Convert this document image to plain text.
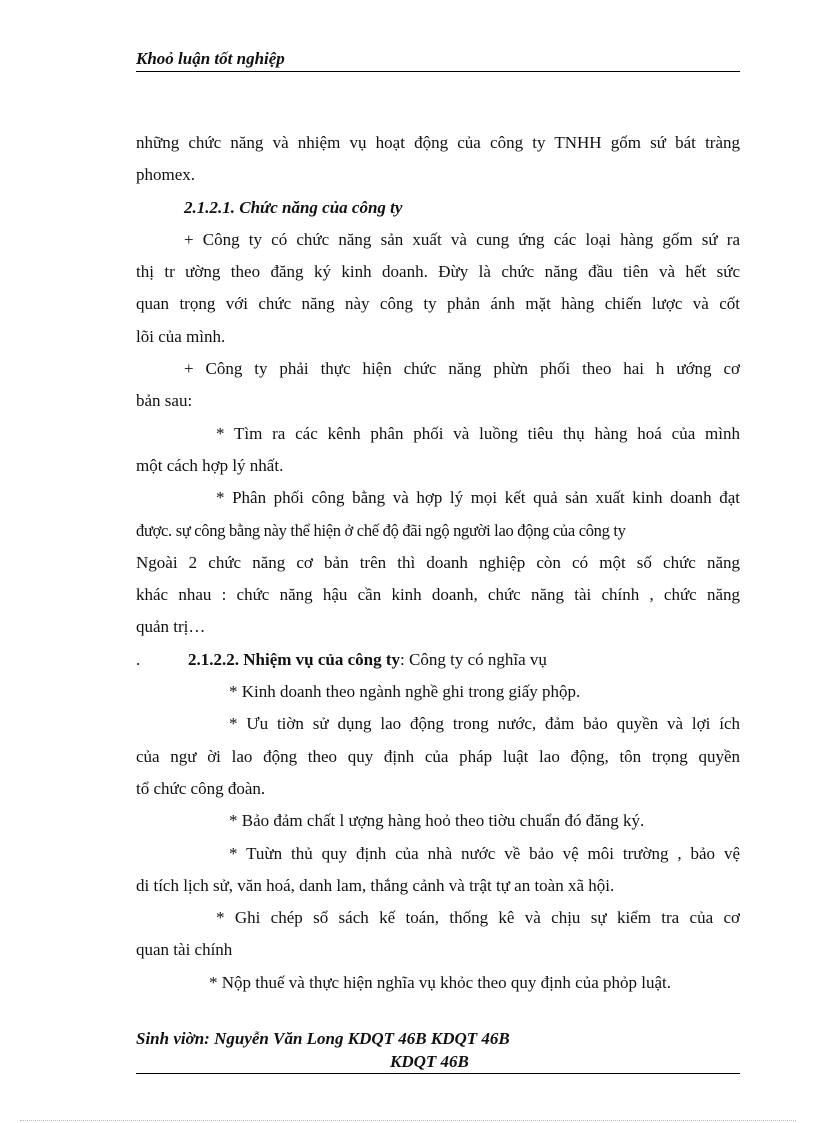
Khoỏ luận tốt nghiệp
những chức năng và nhiệm vụ hoạt động của công ty TNHH gốm sứ bát tràng
phomex.
2.1.2.1. Chức năng của công ty
+ Công ty có chức năng sản xuất và cung ứng các loại hàng gốm sứ ra
thị tr ường theo đăng ký kinh doanh. Đừy là chức năng đầu tiên và hết sức
quan trọng với chức năng này công ty phản ánh mặt hàng chiến lược và cốt
lõi của mình.
+ Công ty phải thực hiện chức năng phừn phối theo hai h ướng cơ
bản sau:
* Tìm ra các kênh phân phối và luồng tiêu thụ hàng hoá của mình
một cách hợp lý nhất.
* Phân phối công bằng và hợp lý mọi kết quả sản xuất kinh doanh đạt
được. sự công bằng này thể hiện ở chế độ đãi ngộ người lao động của công ty
Ngoài 2 chức năng cơ bản trên thì doanh nghiệp còn có một số chức năng
khác nhau : chức năng hậu cần kinh doanh, chức năng tài chính , chức năng
quản trị…
.	2.1.2.2. Nhiệm vụ của công ty: Công ty có nghĩa vụ
* Kinh doanh theo ngành nghề ghi trong giấy phộp.
* Ưu tiờn sử dụng lao động trong nước, đảm bảo quyền và lợi ích
của ngư ời lao động theo quy định của pháp luật lao động, tôn trọng quyền
tổ chức công đoàn.
* Bảo đảm chất l ượng hàng hoỏ theo tiờu chuẩn đó đăng ký.
* Tuừn thủ quy định của nhà nước về bảo vệ môi trường , bảo vệ
di tích lịch sử, văn hoá, danh lam, thắng cảnh và trật tự an toàn xã hội.
* Ghi chép sổ sách kế toán, thống kê và chịu sự kiểm tra của cơ
quan tài chính
* Nộp thuế và thực hiện nghĩa vụ khỏc theo quy định của phỏp luật.
Sinh viờn: Nguyễn Văn Long KDQT 46B KDQT 46B
KDQT 46B
